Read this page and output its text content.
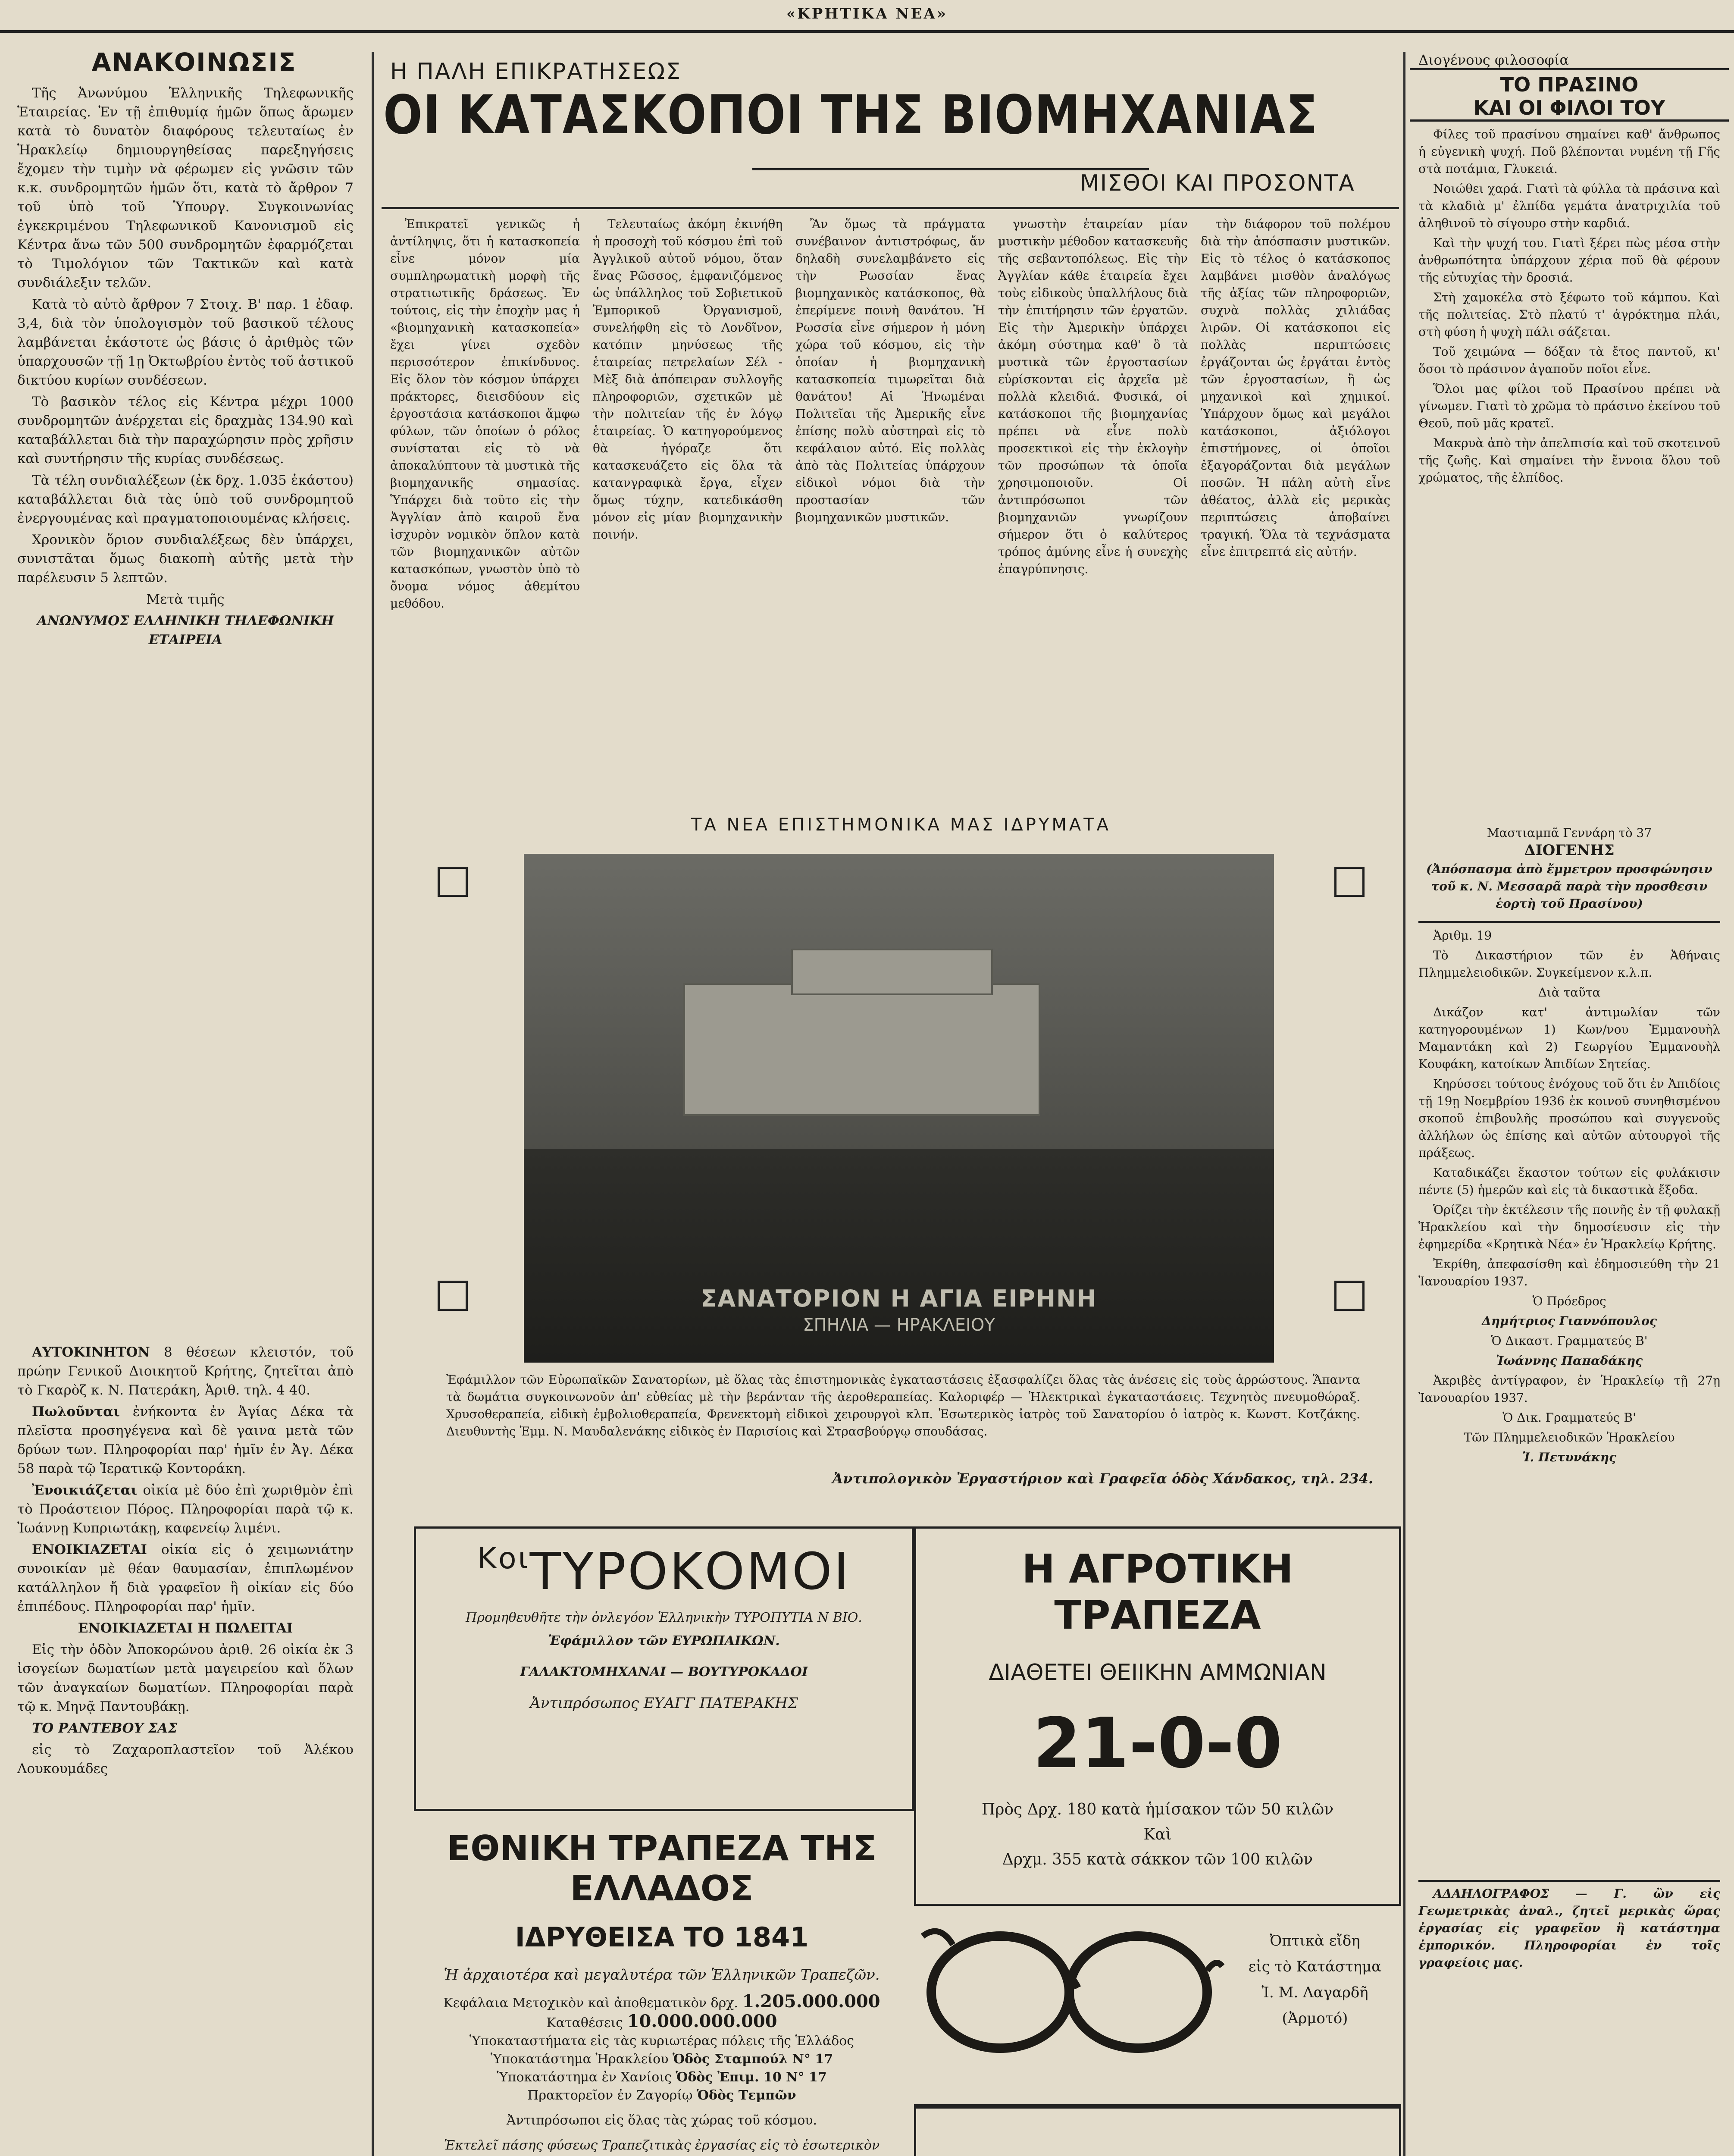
«ΚΡΗΤΙΚΑ ΝΕΑ»
ΑΝΑΚΟΙΝΩΣΙΣ

Τῆς Ἀνωνύμου Ἑλληνικῆς Τηλεφωνικῆς Ἑταιρείας. Ἐν τῇ ἐπιθυμίᾳ ἡμῶν ὅπως ἄρωμεν κατὰ τὸ δυνατὸν διαφόρους τελευταίως ἐν Ἡρακλείῳ δημιουργηθείσας παρεξηγήσεις ἔχομεν τὴν τιμὴν νὰ φέρωμεν εἰς γνῶσιν τῶν κ.κ. συνδρομητῶν ἡμῶν ὅτι, κατὰ τὸ ἄρθρον 7 τοῦ ὑπὸ τοῦ Ὑπουργ. Συγκοινωνίας ἐγκεκριμένου Τηλεφωνικοῦ Κανονισμοῦ εἰς Κέντρα ἄνω τῶν 500 συνδρομητῶν ἐφαρμόζεται τὸ Τιμολόγιον τῶν Τακτικῶν καὶ κατὰ συνδιάλεξιν τελῶν.

Κατὰ τὸ αὐτὸ ἄρθρον 7 Στοιχ. Β' παρ. 1 ἐδαφ. 3,4, διὰ τὸν ὑπολογισμὸν τοῦ βασικοῦ τέλους λαμβάνεται ἑκάστοτε ὡς βάσις ὁ ἀριθμὸς τῶν ὑπαρχουσῶν τῇ 1ῃ Ὀκτωβρίου ἐντὸς τοῦ ἀστικοῦ δικτύου κυρίων συνδέσεων.

Τὸ βασικὸν τέλος εἰς Κέντρα μέχρι 1000 συνδρομητῶν ἀνέρχεται εἰς δραχμὰς 134.90 καὶ καταβάλλεται διὰ τὴν παραχώρησιν πρὸς χρῆσιν καὶ συντήρησιν τῆς κυρίας συνδέσεως.

Τὰ τέλη συνδιαλέξεων (ἐκ δρχ. 1.035 ἑκάστου) καταβάλλεται διὰ τὰς ὑπὸ τοῦ συνδρομητοῦ ἐνεργουμένας καὶ πραγματοποιουμένας κλήσεις.

Χρονικὸν ὅριον συνδιαλέξεως δὲν ὑπάρχει, συνιστᾶται ὅμως διακοπὴ αὐτῆς μετὰ τὴν παρέλευσιν 5 λεπτῶν.

Μετὰ τιμῆς

ΑΝΩΝΥΜΟΣ ΕΛΛΗΝΙΚΗ ΤΗΛΕΦΩΝΙΚΗ ΕΤΑΙΡΕΙΑ

ΑΥΤΟΚΙΝΗΤΟΝ 8 θέσεων κλειστόν, τοῦ πρώην Γενικοῦ Διοικητοῦ Κρήτης, ζητεῖται ἀπὸ τὸ Γκαρὸζ κ. Ν. Πατεράκη, Ἀριθ. τηλ. 4 40.

Πωλοῦνται ἐνήκοντα ἐν Ἀγίας Δέκα τὰ πλεῖστα προσηγέγενα καὶ δὲ γαινα μετὰ τῶν δρύων των. Πληροφορίαι παρ' ἡμῖν ἐν Ἀγ. Δέκα 58 παρὰ τῷ Ἱερατικῷ Κοντοράκη.

Ἐνοικιάζεται οἰκία μὲ δύο ἐπὶ χωριθμὸν ἐπὶ τὸ Προάστειον Πόρος. Πληροφορίαι παρὰ τῷ κ. Ἰωάννῃ Κυπριωτάκῃ, καφενείῳ λιμένι.

ΕΝΟΙΚΙΑΖΕΤΑΙ οἰκία εἰς ὁ χειμωνιάτην συνοικίαν μὲ θέαν θαυμασίαν, ἐπιπλωμένον κατάλληλον ἤ διὰ γραφεῖον ἢ οἰκίαν εἰς δύο ἐπιπέδους. Πληροφορίαι παρ' ἡμῖν.

ΕΝΟΙΚΙΑΖΕΤΑΙ Η ΠΩΛΕΙΤΑΙ

Εἰς τὴν ὁδὸν Ἀποκορώνου ἀριθ. 26 οἰκία ἐκ 3 ἰσογείων δωματίων μετὰ μαγειρείου καὶ ὅλων τῶν ἀναγκαίων δωματίων. Πληροφορίαι παρὰ τῷ κ. Μηνᾷ Παντουβάκῃ.

ΤΟ ΡΑΝΤΕΒΟΥ ΣΑΣ

εἰς τὸ Ζαχαροπλαστεῖον τοῦ Ἀλέκου Λουκουμάδες

Η ΠΑΛΗ ΕΠΙΚΡΑΤΗΣΕΩΣ
ΟΙ ΚΑΤΑΣΚΟΠΟΙ ΤΗΣ ΒΙΟΜΗΧΑΝΙΑΣ
ΜΙΣΘΟΙ ΚΑΙ ΠΡΟΣΟΝΤΑ

Ἐπικρατεῖ γενικῶς ἡ ἀντίληψις, ὅτι ἡ κατασκοπεία εἶνε μόνον μία συμπληρωματικὴ μορφὴ τῆς στρατιωτικῆς δράσεως. Ἐν τούτοις, εἰς τὴν ἐποχὴν μας ἡ «βιομηχανικὴ κατασκοπεία» ἔχει γίνει σχεδὸν περισσότερον ἐπικίνδυνος. Εἰς ὅλον τὸν κόσμον ὑπάρχει πράκτορες, διεισδύουν εἰς ἐργοστάσια κατάσκοποι ἄμφω φύλων, τῶν ὁποίων ὁ ρόλος συνίσταται εἰς τὸ νὰ ἀποκαλύπτουν τὰ μυστικὰ τῆς βιομηχανικῆς σημασίας. Ὑπάρχει διὰ τοῦτο εἰς τὴν Ἀγγλίαν ἀπὸ καιροῦ ἔνα ἰσχυρὸν νομικὸν ὅπλον κατὰ τῶν βιομηχανικῶν αὐτῶν κατασκόπων, γνωστὸν ὑπὸ τὸ ὄνομα νόμος ἀθεμίτου μεθόδου.

Τελευταίως ἀκόμη ἐκινήθη ἡ προσοχὴ τοῦ κόσμου ἐπὶ τοῦ Ἀγγλικοῦ αὐτοῦ νόμου, ὅταν ἕνας Ρῶσσος, ἐμφανιζόμενος ὡς ὑπάλληλος τοῦ Σοβιετικοῦ Ἐμπορικοῦ Ὀργανισμοῦ, συνελήφθη εἰς τὸ Λονδῖνον, κατόπιν μηνύσεως τῆς ἑταιρείας πετρελαίων Σέλ - Μὲξ διὰ ἀπόπειραν συλλογῆς πληροφοριῶν, σχετικῶν μὲ τὴν πολιτείαν τῆς ἐν λόγῳ ἑταιρείας. Ὁ κατηγορούμενος θὰ ἠγόραζε ὅτι κατασκευάζετο εἰς ὅλα τὰ κατανγραφικὰ ἔργα, εἶχεν ὅμως τύχην, κατεδικάσθη μόνον εἰς μίαν βιομηχανικὴν ποινήν.

Ἂν ὅμως τὰ πράγματα συνέβαινον ἀντιστρόφως, ἄν δηλαδὴ συνελαμβάνετο εἰς τὴν Ρωσσίαν ἔνας βιομηχανικὸς κατάσκοπος, θὰ ἐπερίμενε ποινὴ θανάτου. Ἡ Ρωσσία εἶνε σήμερον ἡ μόνη χώρα τοῦ κόσμου, εἰς τὴν ὁποίαν ἡ βιομηχανικὴ κατασκοπεία τιμωρεῖται διὰ θανάτου! Αἱ Ἡνωμέναι Πολιτεῖαι τῆς Ἀμερικῆς εἶνε ἐπίσης πολὺ αὐστηραὶ εἰς τὸ κεφάλαιον αὐτό. Εἰς πολλὰς ἀπὸ τὰς Πολιτείας ὑπάρχουν εἰδικοὶ νόμοι διὰ τὴν προστασίαν τῶν βιομηχανικῶν μυστικῶν.

γνωστὴν ἑταιρείαν μίαν μυστικὴν μέθοδον κατασκευῆς τῆς σεβαντοπόλεως. Εἰς τὴν Ἀγγλίαν κάθε ἑταιρεία ἔχει τοὺς εἰδικοὺς ὑπαλλήλους διὰ τὴν ἐπιτήρησιν τῶν ἐργατῶν. Εἰς τὴν Ἀμερικὴν ὑπάρχει ἀκόμη σύστημα καθ' ὃ τὰ μυστικὰ τῶν ἐργοστασίων εὑρίσκονται εἰς ἀρχεῖα μὲ πολλὰ κλειδιά. Φυσικά, οἱ κατάσκοποι τῆς βιομηχανίας πρέπει νὰ εἶνε πολὺ προσεκτικοὶ εἰς τὴν ἐκλογὴν τῶν προσώπων τὰ ὁποῖα χρησιμοποιοῦν. Οἱ ἀντιπρόσωποι τῶν βιομηχανιῶν γνωρίζουν σήμερον ὅτι ὁ καλύτερος τρόπος ἀμύνης εἶνε ἡ συνεχὴς ἐπαγρύπνησις.

τὴν διάφορον τοῦ πολέμου διὰ τὴν ἀπόσπασιν μυστικῶν. Εἰς τὸ τέλος ὁ κατάσκοπος λαμβάνει μισθὸν ἀναλόγως τῆς ἀξίας τῶν πληροφοριῶν, συχνὰ πολλὰς χιλιάδας λιρῶν. Οἱ κατάσκοποι εἰς πολλὰς περιπτώσεις ἐργάζονται ὡς ἐργάται ἐντὸς τῶν ἐργοστασίων, ἢ ὡς μηχανικοὶ καὶ χημικοί. Ὑπάρχουν ὅμως καὶ μεγάλοι κατάσκοποι, ἀξιόλογοι ἐπιστήμονες, οἱ ὁποῖοι ἐξαγοράζονται διὰ μεγάλων ποσῶν. Ἡ πάλη αὐτὴ εἶνε ἀθέατος, ἀλλὰ εἰς μερικὰς περιπτώσεις ἀποβαίνει τραγική. Ὅλα τὰ τεχνάσματα εἶνε ἐπιτρεπτά εἰς αὐτήν.

ΤΑ ΝΕΑ ΕΠΙΣΤΗΜΟΝΙΚΑ ΜΑΣ ΙΔΡΥΜΑΤΑ
ΣΑΝΑΤΟΡΙΟΝ Η ΑΓΙΑ ΕΙΡΗΝΗ
ΣΠΗΛΙΑ — ΗΡΑΚΛΕΙΟΥ
Ἐφάμιλλον τῶν Εὐρωπαϊκῶν Σανατορίων, μὲ ὅλας τὰς ἐπιστημονικὰς ἐγκαταστάσεις ἐξασφαλίζει ὅλας τὰς ἀνέσεις εἰς τοὺς ἀρρώστους. Ἅπαντα τὰ δωμάτια συγκοινωνοῦν ἀπ' εὐθείας μὲ τὴν βεράνταν τῆς ἀεροθεραπείας. Καλοριφέρ — Ἠλεκτρικαὶ ἐγκαταστάσεις. Τεχνητὸς πνευμοθώραξ. Χρυσοθεραπεία, εἰδικὴ ἐμβολιοθεραπεία, Φρενεκτομὴ εἰδικοὶ χειρουργοὶ κλπ. Ἐσωτερικὸς ἰατρὸς τοῦ Σανατορίου ὁ ἰατρὸς κ. Κωνστ. Κοτζάκης. Διευθυντὴς Ἐμμ. Ν. Μαυδαλενάκης εἰδικὸς ἐν Παρισίοις καὶ Στρασβούργῳ σπουδάσας.
Ἀντιπολογικὸν Ἐργαστήριον καὶ Γραφεῖα ὁδὸς Χάνδακος, τηλ. 234.
Διογένους φιλοσοφία
ΤΟ ΠΡΑΣΙΝΟ
ΚΑΙ ΟΙ ΦΙΛΟΙ ΤΟΥ

Φίλες τοῦ πρασίνου σημαίνει καθ' ἄνθρωπος ἡ εὐγενικὴ ψυχή. Ποῦ βλέπονται νυμένη τῇ Γῆς στὰ ποτάμια, Γλυκειά.

Νοιώθει χαρά. Γιατὶ τὰ φύλλα τὰ πράσινα καὶ τὰ κλαδιὰ μ' ἐλπίδα γεμάτα ἀνατριχιλία τοῦ ἀληθινοῦ τὸ σίγουρο στὴν καρδιά.

Καὶ τὴν ψυχή του. Γιατὶ ξέρει πὼς μέσα στὴν ἀνθρωπότητα ὑπάρχουν χέρια ποῦ θὰ φέρουν τῆς εὐτυχίας τὴν δροσιά.

Στὴ χαμοκέλα στὸ ξέφωτο τοῦ κάμπου. Καὶ τῆς πολιτείας. Στὸ πλατύ τ' ἀγρόκτημα πλάι, στὴ φύση ἡ ψυχὴ πάλι σάζεται.

Τοῦ χειμώνα — δόξαν τὰ ἔτος παντοῦ, κι' ὅσοι τὸ πράσινον ἀγαποῦν ποῖοι εἶνε.

Ὅλοι μας φίλοι τοῦ Πρασίνου πρέπει νὰ γίνωμεν. Γιατὶ τὸ χρῶμα τὸ πράσινο ἐκείνου τοῦ Θεοῦ, ποῦ μᾶς κρατεῖ.

Μακρυὰ ἀπὸ τὴν ἀπελπισία καὶ τοῦ σκοτεινοῦ τῆς ζωῆς. Καὶ σημαίνει τὴν ἔννοια ὅλου τοῦ χρώματος, τῆς ἐλπίδος.

Μαστιαμπᾶ Γεννάρη τὸ 37
ΔΙΟΓΕΝΗΣ
(Ἀπόσπασμα ἀπὸ ἔμμετρον προσφώνησιν τοῦ κ. Ν. Μεσσαρᾶ παρὰ τὴν προσθεσιν ἑορτὴ τοῦ Πρασίνου)

Ἀριθμ. 19

Τὸ Δικαστήριον τῶν ἐν Ἀθήναις Πλημμελειοδικῶν. Συγκείμενον κ.λ.π.

Διὰ ταῦτα

Δικάζον κατ' ἀντιμωλίαν τῶν κατηγορουμένων 1) Κων/νου Ἐμμανουὴλ Μαμαντάκη καὶ 2) Γεωργίου Ἐμμανουὴλ Κουφάκη, κατοίκων Ἀπιδίων Σητείας.

Κηρύσσει τούτους ἐνόχους τοῦ ὅτι ἐν Ἀπιδίοις τῇ 19ῃ Νοεμβρίου 1936 ἐκ κοινοῦ συνηθισμένου σκοποῦ ἐπιβουλῆς προσώπου καὶ συγγενοῦς ἀλλήλων ὡς ἐπίσης καὶ αὐτῶν αὐτουργοὶ τῆς πράξεως.

Καταδικάζει ἕκαστον τούτων εἰς φυλάκισιν πέντε (5) ἡμερῶν καὶ εἰς τὰ δικαστικὰ ἔξοδα.

Ὁρίζει τὴν ἐκτέλεσιν τῆς ποινῆς ἐν τῇ φυλακῇ Ἡρακλείου καὶ τὴν δημοσίευσιν εἰς τὴν ἐφημερίδα «Κρητικὰ Νέα» ἐν Ἡρακλείῳ Κρήτης.

Ἐκρίθη, ἀπεφασίσθη καὶ ἐδημοσιεύθη τὴν 21 Ἰανουαρίου 1937.

Ὁ Πρόεδρος

Δημήτριος Γιαννόπουλος

Ὁ Δικαστ. Γραμματεύς Β'

Ἰωάννης Παπαδάκης

Ἀκριβὲς ἀντίγραφον, ἐν Ἡρακλείῳ τῇ 27ῃ Ἰανουαρίου 1937.

Ὁ Δικ. Γραμματεύς Β'

Τῶν Πλημμελειοδικῶν Ἡρακλείου

Ἰ. Πετυνάκης

ΑΔΑΗΛΟΓΡΑΦΟΣ — Γ. ὢν εἰς Γεωμετρικὰς ἀναλ., ζητεῖ μερικὰς ὥρας ἐργασίας εἰς γραφεῖον ἢ κατάστημα ἐμπορικόν. Πληροφορίαι ἐν τοῖς γραφείοις μας.

$^{Ko\iota}$ΤΥΡΟΚΟΜΟΙ
Προμηθευθῆτε τὴν ὀνλεγόον Ἑλληνικὴν ΤΥΡΟΠΥΤΙΑ Ν ΒΙΟ.
Ἐφάμιλλον τῶν ΕΥΡΩΠΑΙΚΩΝ.
ΓΑΛΑΚΤΟΜΗΧΑΝΑΙ — ΒΟΥΤΥΡΟΚΑΔΟΙ
Ἀντιπρόσωπος ΕΥΑΓΓ ΠΑΤΕΡΑΚΗΣ
Η ΑΓΡΟΤΙΚΗ ΤΡΑΠΕΖΑ
ΔΙΑΘΕΤΕΙ ΘΕΙΙΚΗΝ ΑΜΜΩΝΙΑΝ
21-0-0
Πρὸς Δρχ. 180 κατὰ ἡμίσακον τῶν 50 κιλῶν
Καὶ
Δρχμ. 355 κατὰ σάκκον τῶν 100 κιλῶν
ΕΘΝΙΚΗ ΤΡΑΠΕΖΑ ΤΗΣ ΕΛΛΑΔΟΣ
ΙΔΡΥΘΕΙΣΑ ΤΟ 1841
Ἡ ἀρχαιοτέρα καὶ μεγαλυτέρα τῶν Ἑλληνικῶν Τραπεζῶν.
Κεφάλαια Μετοχικὸν καὶ ἀποθεματικὸν δρχ. 1.205.000.000
Καταθέσεις 10.000.000.000
Ὑποκαταστήματα εἰς τὰς κυριωτέρας πόλεις τῆς Ἑλλάδος
Ὑποκατάστημα Ἡρακλείου Ὁδὸς Σταμπούλ Ν° 17
Ὑποκατάστημα ἐν Χανίοις Ὁδὸς Ἐπιμ. 10 Ν° 17
Πρακτορεῖον ἐν Ζαγορίῳ Ὁδὸς Τεμπῶν
Ἀντιπρόσωποι εἰς ὅλας τὰς χώρας τοῦ κόσμου.
Ἐκτελεῖ πάσης φύσεως Τραπεζιτικὰς ἐργασίας εἰς τὸ ἐσωτερικὸν
Ὀπτικὰ εἴδη
εἰς τὸ Κατάστημα
Ἰ. Μ. Λαγαρδῆ
(Ἀρμοτό)
